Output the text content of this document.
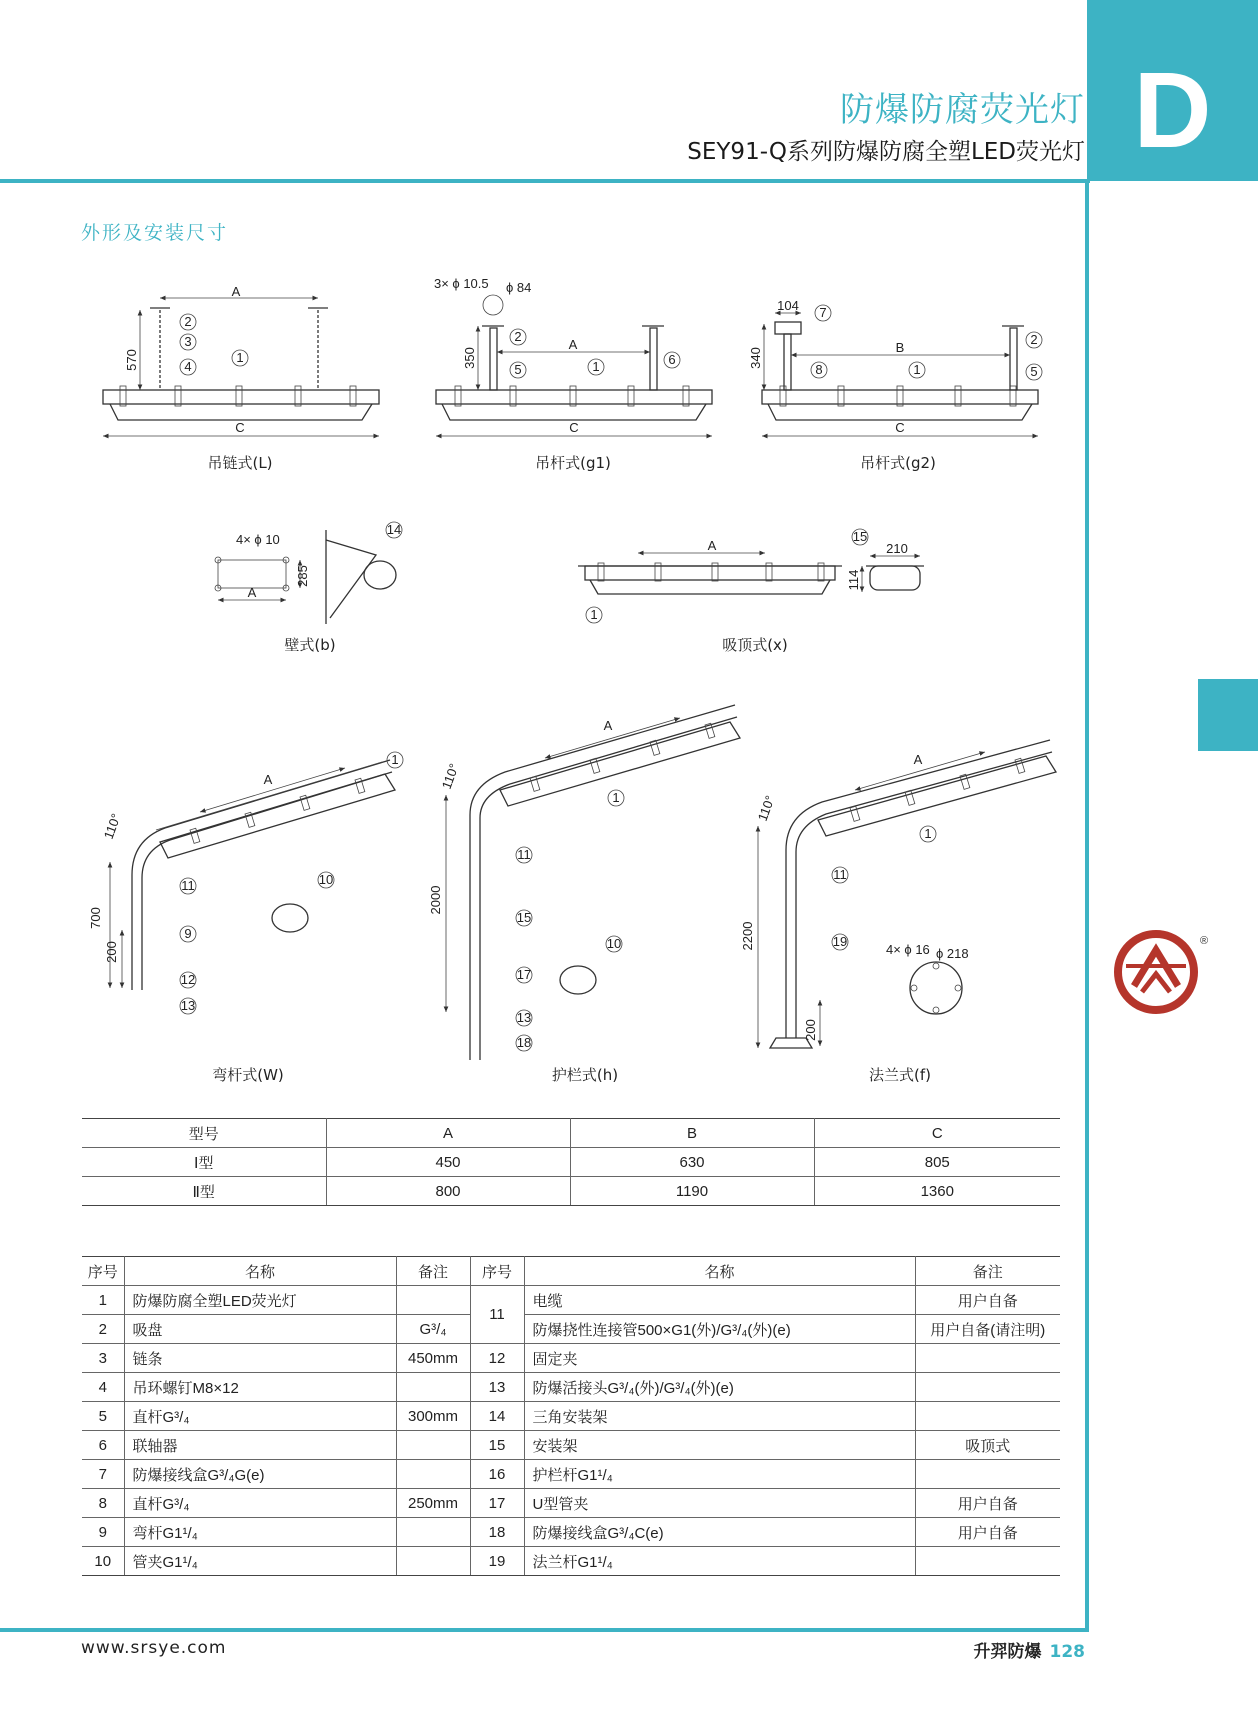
D
防爆防腐荧光灯
SEY91-Q系列防爆防腐全塑LED荧光灯
外形及安装尺寸
A
570
C
2
3
4
1
吊链式(L)
A
350
3× ϕ 10.5 ϕ 84
C
2
5	1	6
吊杆式(g1)
104
B
340
C
7
8	1
2
5
吊杆式(g2)
A
285
4× ϕ 10
14
壁式(b)
A	210
114
15
1
吸顶式(x)
A
110°
700
200
1
11
9
12
13
10
弯杆式(W)
A
110°
2000
1
11
15
17
13
18
10
护栏式(h)
A
110°
2200
200
4× ϕ 16 ϕ 218
1
11
19
法兰式(f)
®
型号	A	B	C
Ⅰ型	450	630	805
Ⅱ型	800	1190	1360
序号	名称	备注	序号	名称	备注
1	防爆防腐全塑LED荧光灯		11	电缆	用户自备
2	吸盘	G³/₄		防爆挠性连接管500×G1(外)/G³/₄(外)(e)	用户自备(请注明)
3	链条	450mm	12	固定夹	
4	吊环螺钉M8×12		13	防爆活接头G³/₄(外)/G³/₄(外)(e)	
5	直杆G³/₄	300mm	14	三角安装架	
6	联轴器		15	安装架	吸顶式
7	防爆接线盒G³/₄G(e)		16	护栏杆G1¹/₄	
8	直杆G³/₄	250mm	17	U型管夹	用户自备
9	弯杆G1¹/₄		18	防爆接线盒G³/₄C(e)	用户自备
10	管夹G1¹/₄		19	法兰杆G1¹/₄	
www.srsye.com	升羿防爆 128
